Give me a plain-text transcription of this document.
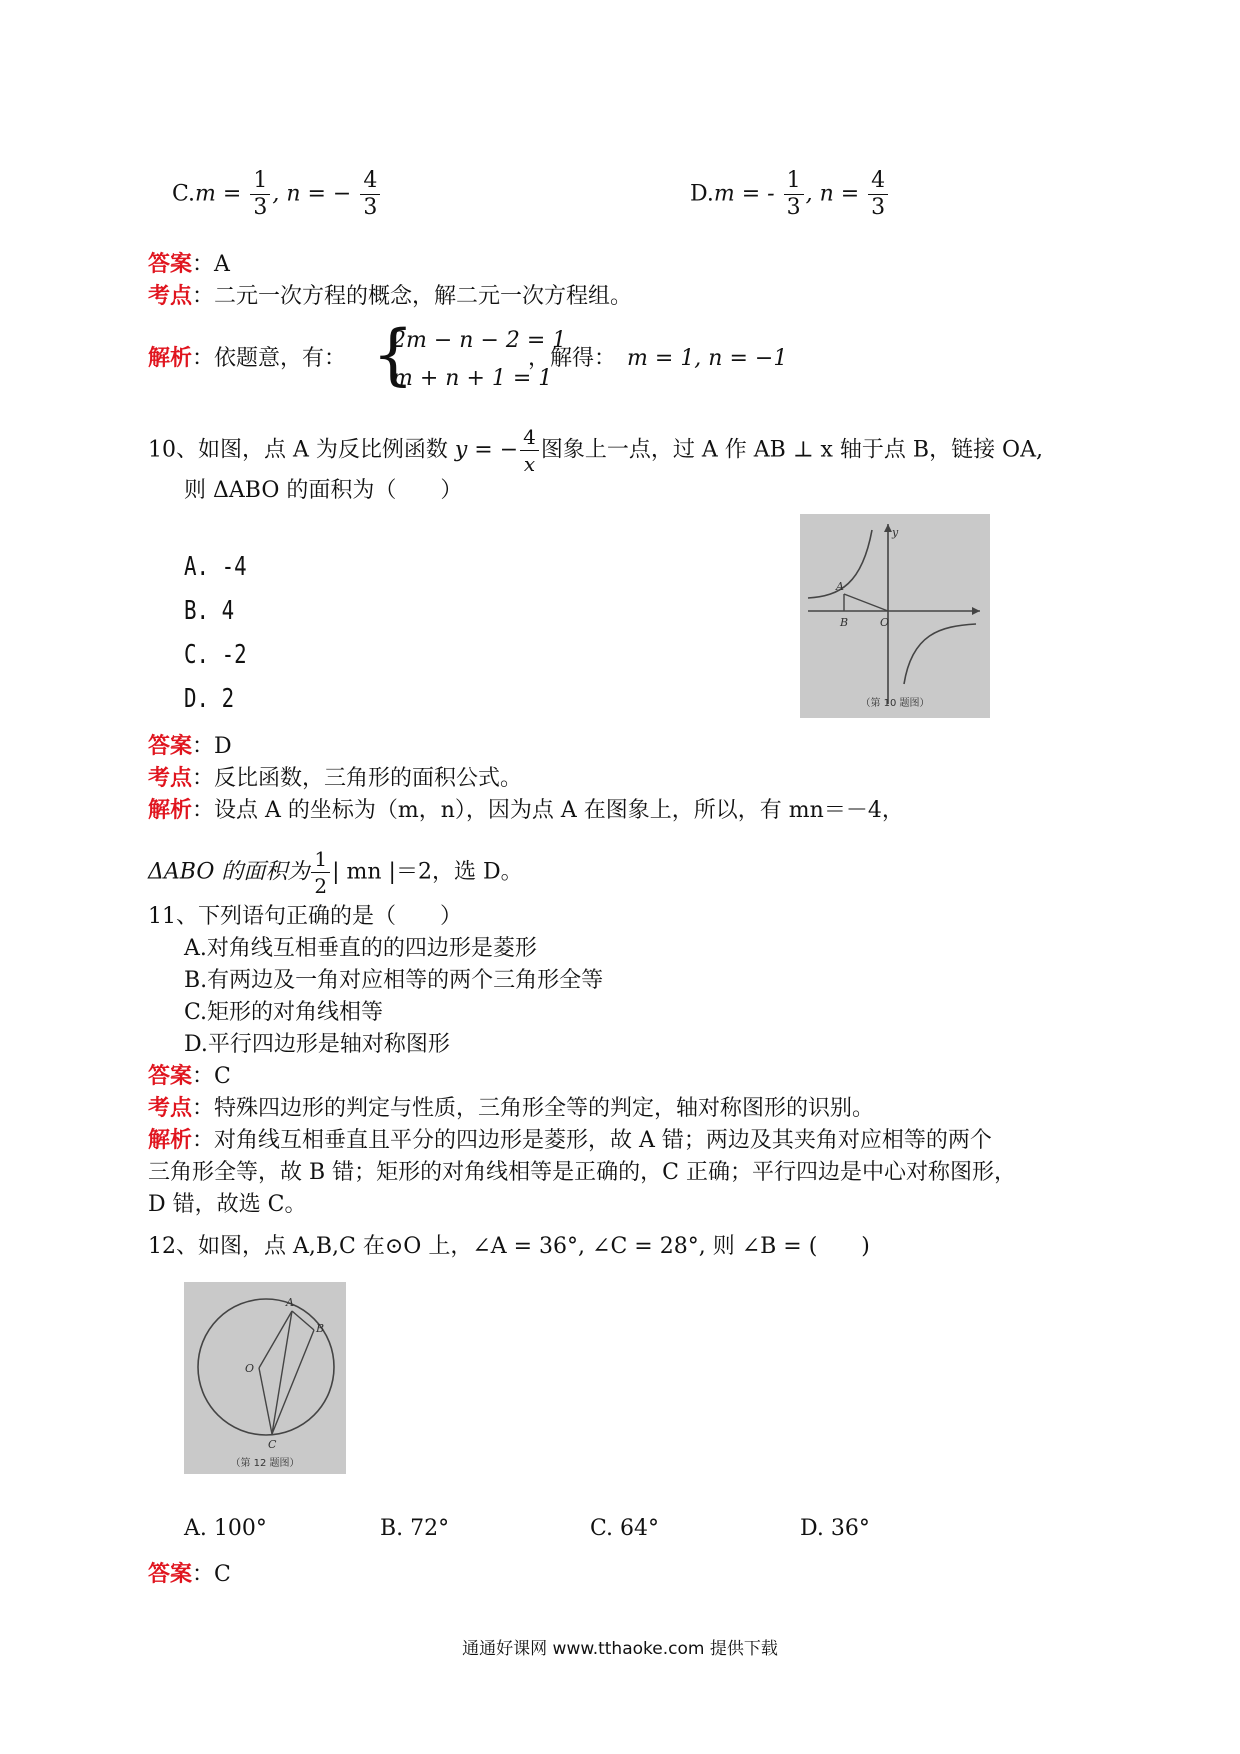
$C.m = \frac{1}{3}$ , n = − $\frac{4}{3}$	D.m = - $\frac{1}{3}$ , $n = \frac{4}{3}$
答案：A
考点：二元一次方程的概念，解二元一次方程组。
解析：依题意，有： {
2m − n − 2 = 1
m + n + 1 = 1
，解得：　 m = 1, n = −1
10、如图，点 A 为反比例函数 y = − $\frac{4}{x}$ 图象上一点，过 A 作 AB ⊥ x 轴于点 B，链接 OA,
则 ΔABO 的面积为（　　）
A. -4
B. 4
C. -2
D. 2
A
B	O
y
（第 10 题图）
答案：D
考点：反比函数，三角形的面积公式。
解析：设点 A 的坐标为（m，n），因为点 A 在图象上，所以，有 mn＝－4，
ΔABO 的面积为 $\frac{1}{2}$ | mn |＝2，选 D。
11、下列语句正确的是（　　）
A.对角线互相垂直的的四边形是菱形
B.有两边及一角对应相等的两个三角形全等
C.矩形的对角线相等
D.平行四边形是轴对称图形
答案：C
考点：特殊四边形的判定与性质，三角形全等的判定，轴对称图形的识别。
解析：对角线互相垂直且平分的四边形是菱形，故 A 错；两边及其夹角对应相等的两个
三角形全等，故 B 错；矩形的对角线相等是正确的，C 正确；平行四边是中心对称图形，
D 错，故选 C。
12、如图，点 A,B,C 在⊙O 上，∠A = 36°, ∠C = 28°, 则 ∠B = (　　)
A
B
C
O
（第 12 题图）
A. 100°	B. 72°	C. 64°	D. 36°
答案：C
通通好课网 www.tthaoke.com 提供下载
